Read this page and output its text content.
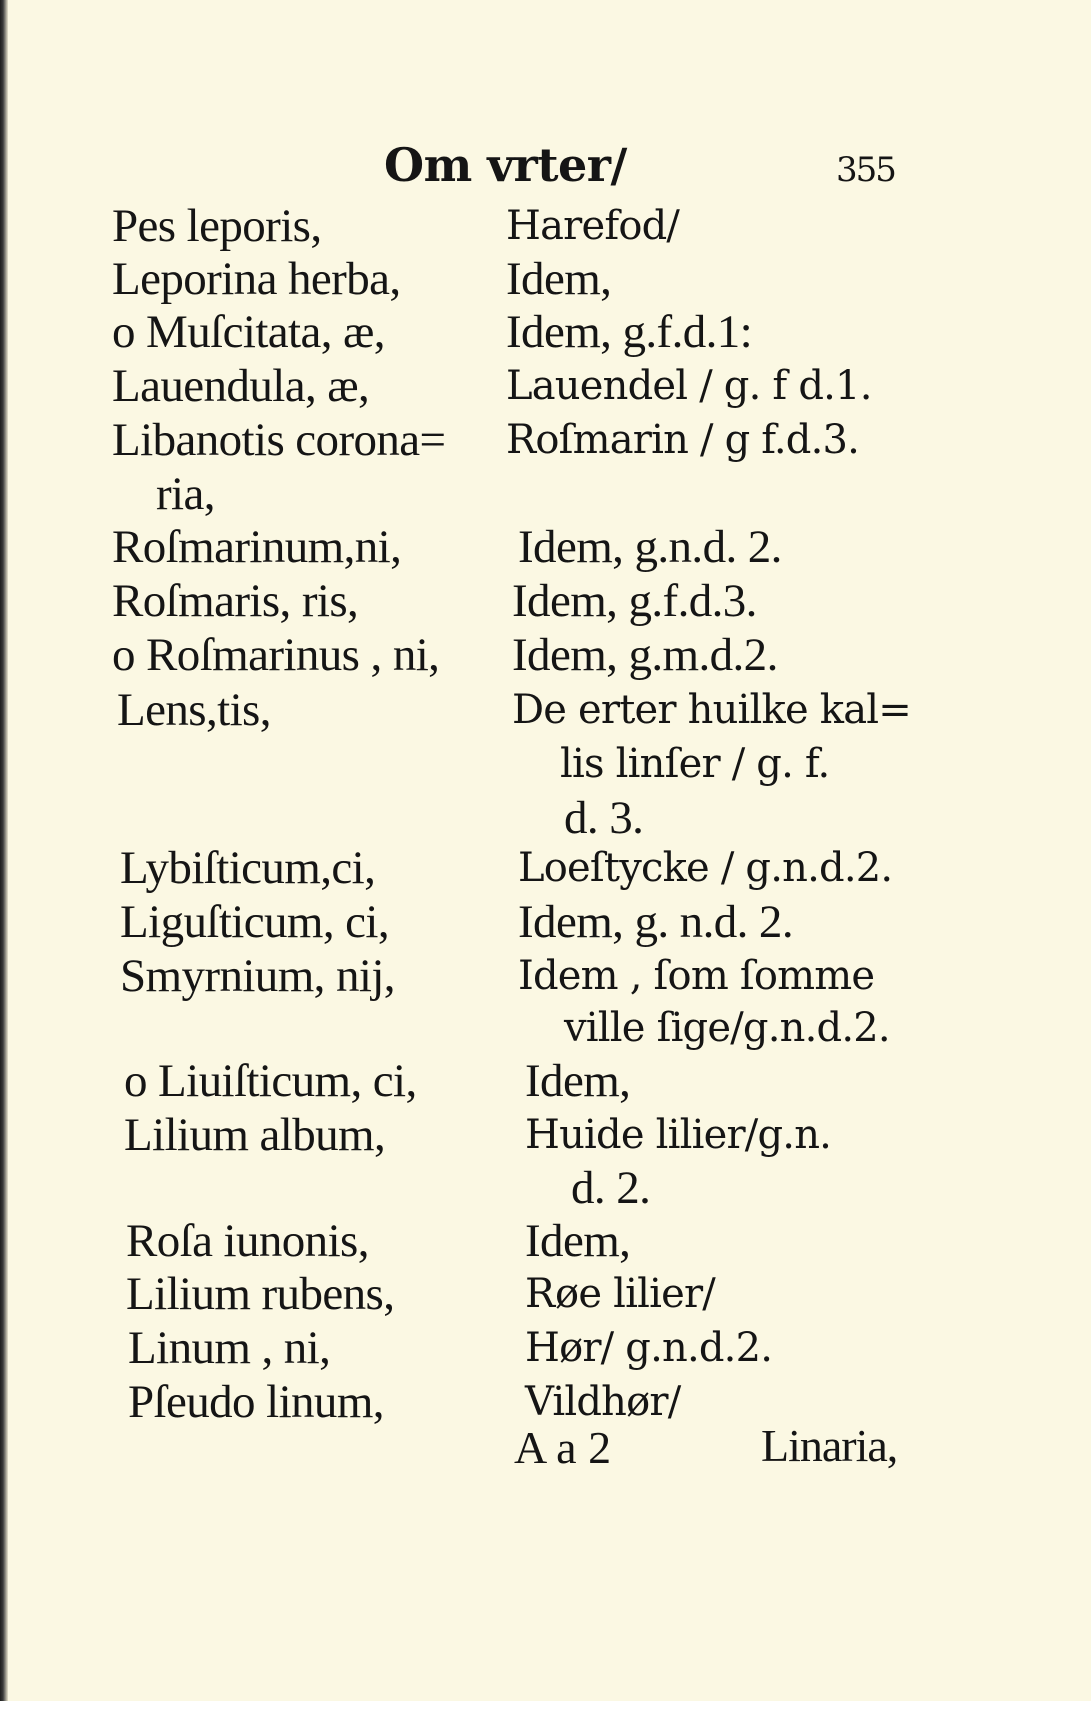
Om vrter/	355
Pes leporis,
Leporina herba,
o Muſcitata, æ,
Lauendula, æ,
Libanotis corona=
ria,
Roſmarinum,ni,
Roſmaris, ris,
o Roſmarinus , ni,
Lens,tis,
Lybiſticum,ci,
Liguſticum, ci,
Smyrnium, nij,
o Liuiſticum, ci,
Lilium album,
Roſa iunonis,
Lilium rubens,
Linum , ni,
Pſeudo linum,
Harefod/
Idem,
Idem, g.f.d.1:
Lauendel / g. f d.1.
Roſmarin / g f.d.3.
Idem, g.n.d. 2.
Idem, g.f.d.3.
Idem, g.m.d.2.
De erter huilke kal=
lis linſer / g. f.
d. 3.
Loeſtycke / g.n.d.2.
Idem, g. n.d. 2.
Idem , ſom ſomme
ville ſige/g.n.d.2.
Idem,
Huide lilier/g.n.
d. 2.
Idem,
Røe lilier/
Hør/ g.n.d.2.
Vildhør/
A a 2	Linaria,
